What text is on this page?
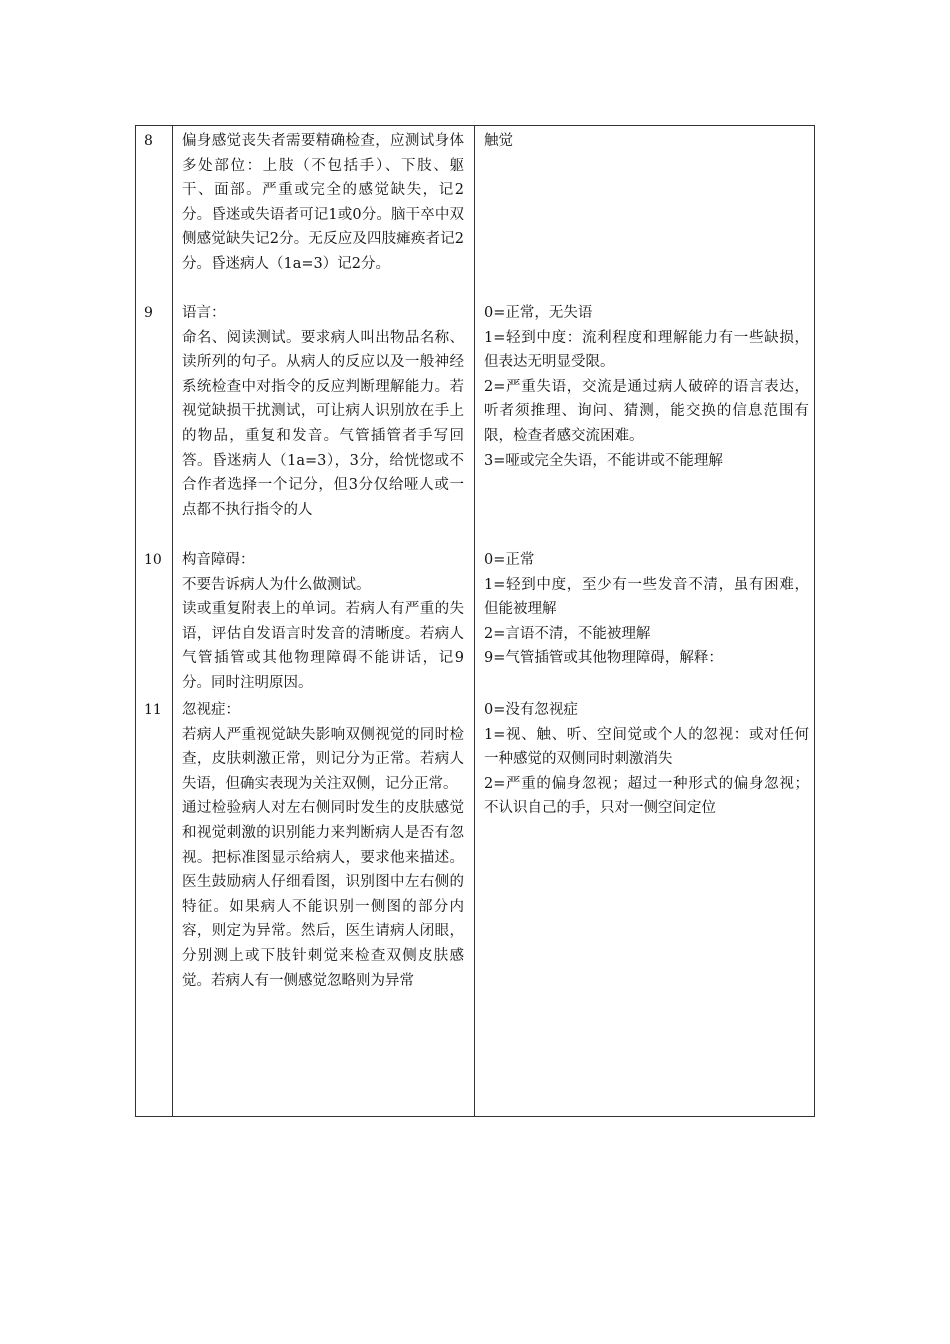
8 偏身感觉丧失者需要精确检查，应测试身体多处部位：上肢（不包括手）、下肢、躯干、面部。严重或完全的感觉缺失，记2分。昏迷或失语者可记1或0分。脑干卒中双侧感觉缺失记2分。无反应及四肢瘫痪者记2分。昏迷病人（1a=3）记2分。

触觉

9 语言：

命名、阅读测试。要求病人叫出物品名称、读所列的句子。从病人的反应以及一般神经系统检查中对指令的反应判断理解能力。若视觉缺损干扰测试，可让病人识别放在手上的物品，重复和发音。气管插管者手写回答。昏迷病人（1a=3），3分，给恍惚或不合作者选择一个记分，但3分仅给哑人或一点都不执行指令的人

0=正常，无失语

1=轻到中度：流利程度和理解能力有一些缺损，但表达无明显受限。

2=严重失语，交流是通过病人破碎的语言表达，听者须推理、询问、猜测，能交换的信息范围有限，检查者感交流困难。

3=哑或完全失语，不能讲或不能理解

10 构音障碍：

不要告诉病人为什么做测试。

读或重复附表上的单词。若病人有严重的失语，评估自发语言时发音的清晰度。若病人气管插管或其他物理障碍不能讲话，记9分。同时注明原因。

0=正常

1=轻到中度，至少有一些发音不清，虽有困难，但能被理解

2=言语不清，不能被理解

9=气管插管或其他物理障碍，解释：

11 忽视症：

若病人严重视觉缺失影响双侧视觉的同时检查，皮肤刺激正常，则记分为正常。若病人失语，但确实表现为关注双侧，记分正常。

通过检验病人对左右侧同时发生的皮肤感觉和视觉刺激的识别能力来判断病人是否有忽视。把标准图显示给病人，要求他来描述。医生鼓励病人仔细看图，识别图中左右侧的特征。如果病人不能识别一侧图的部分内容，则定为异常。然后，医生请病人闭眼，分别测上或下肢针刺觉来检查双侧皮肤感觉。若病人有一侧感觉忽略则为异常

0=没有忽视症

1=视、触、听、空间觉或个人的忽视：或对任何一种感觉的双侧同时刺激消失

2=严重的偏身忽视；超过一种形式的偏身忽视；不认识自己的手，只对一侧空间定位
